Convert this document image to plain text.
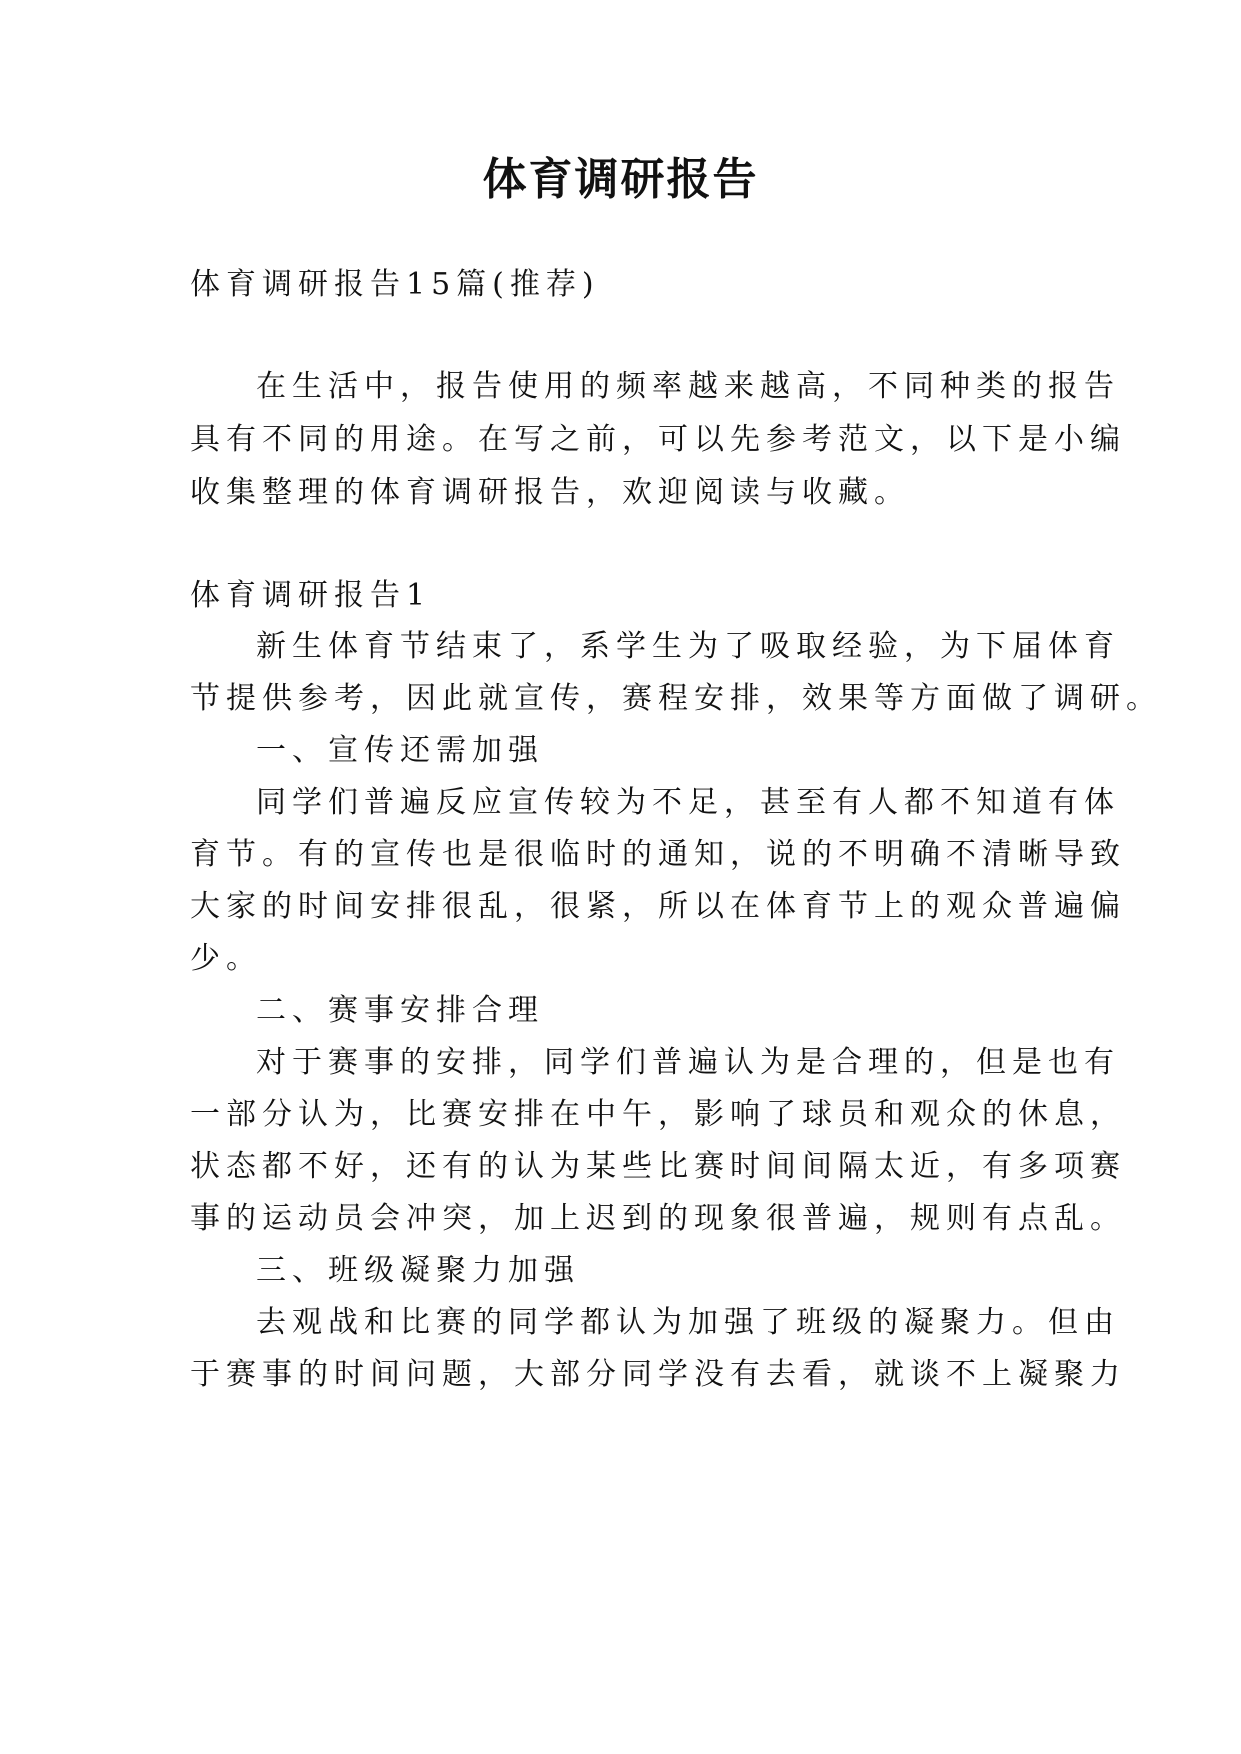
体育调研报告
体育调研报告15篇(推荐)
在生活中，报告使用的频率越来越高，不同种类的报告
具有不同的用途。在写之前，可以先参考范文，以下是小编
收集整理的体育调研报告，欢迎阅读与收藏。
体育调研报告1
新生体育节结束了，系学生为了吸取经验，为下届体育
节提供参考，因此就宣传，赛程安排，效果等方面做了调研。
一、宣传还需加强
同学们普遍反应宣传较为不足，甚至有人都不知道有体
育节。有的宣传也是很临时的通知，说的不明确不清晰导致
大家的时间安排很乱，很紧，所以在体育节上的观众普遍偏
少。
二、赛事安排合理
对于赛事的安排，同学们普遍认为是合理的，但是也有
一部分认为，比赛安排在中午，影响了球员和观众的休息，
状态都不好，还有的认为某些比赛时间间隔太近，有多项赛
事的运动员会冲突，加上迟到的现象很普遍，规则有点乱。
三、班级凝聚力加强
去观战和比赛的同学都认为加强了班级的凝聚力。但由
于赛事的时间问题，大部分同学没有去看，就谈不上凝聚力
